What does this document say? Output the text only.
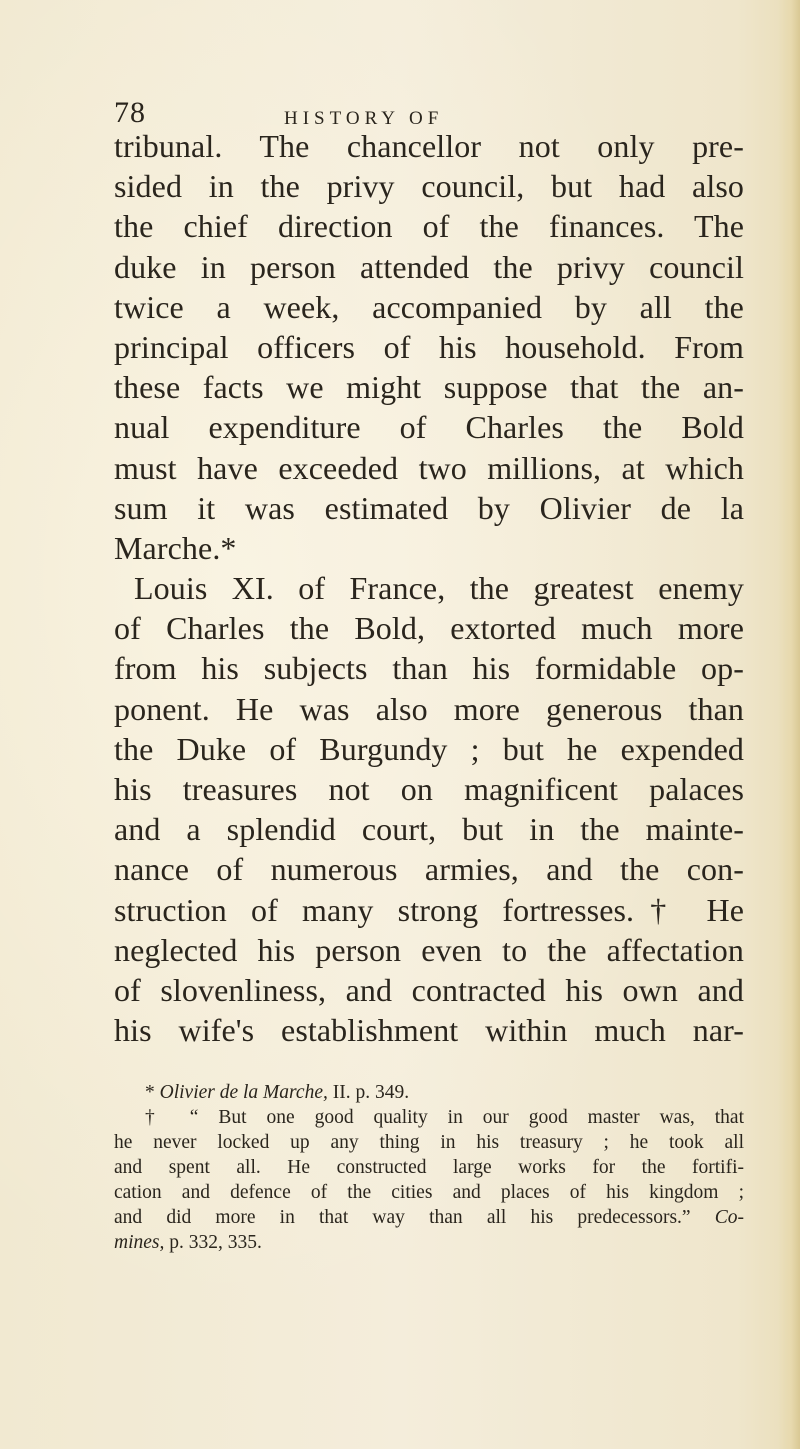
78	HISTORY OF
tribunal. The chancellor not only pre-
sided in the privy council, but had also
the chief direction of the finances. The
duke in person attended the privy council
twice a week, accompanied by all the
principal officers of his household. From
these facts we might suppose that the an-
nual expenditure of Charles the Bold
must have exceeded two millions, at which
sum it was estimated by Olivier de la
Marche.*
Louis XI. of France, the greatest enemy
of Charles the Bold, extorted much more
from his subjects than his formidable op-
ponent. He was also more generous than
the Duke of Burgundy ; but he expended
his treasures not on magnificent palaces
and a splendid court, but in the mainte-
nance of numerous armies, and the con-
struction of many strong fortresses.† He
neglected his person even to the affectation
of slovenliness, and contracted his own and
his wife's establishment within much nar-
* Olivier de la Marche, II. p. 349.
† “ But one good quality in our good master was, that
he never locked up any thing in his treasury ; he took all
and spent all. He constructed large works for the fortifi-
cation and defence of the cities and places of his kingdom ;
and did more in that way than all his predecessors.” Co-
mines, p. 332, 335.
